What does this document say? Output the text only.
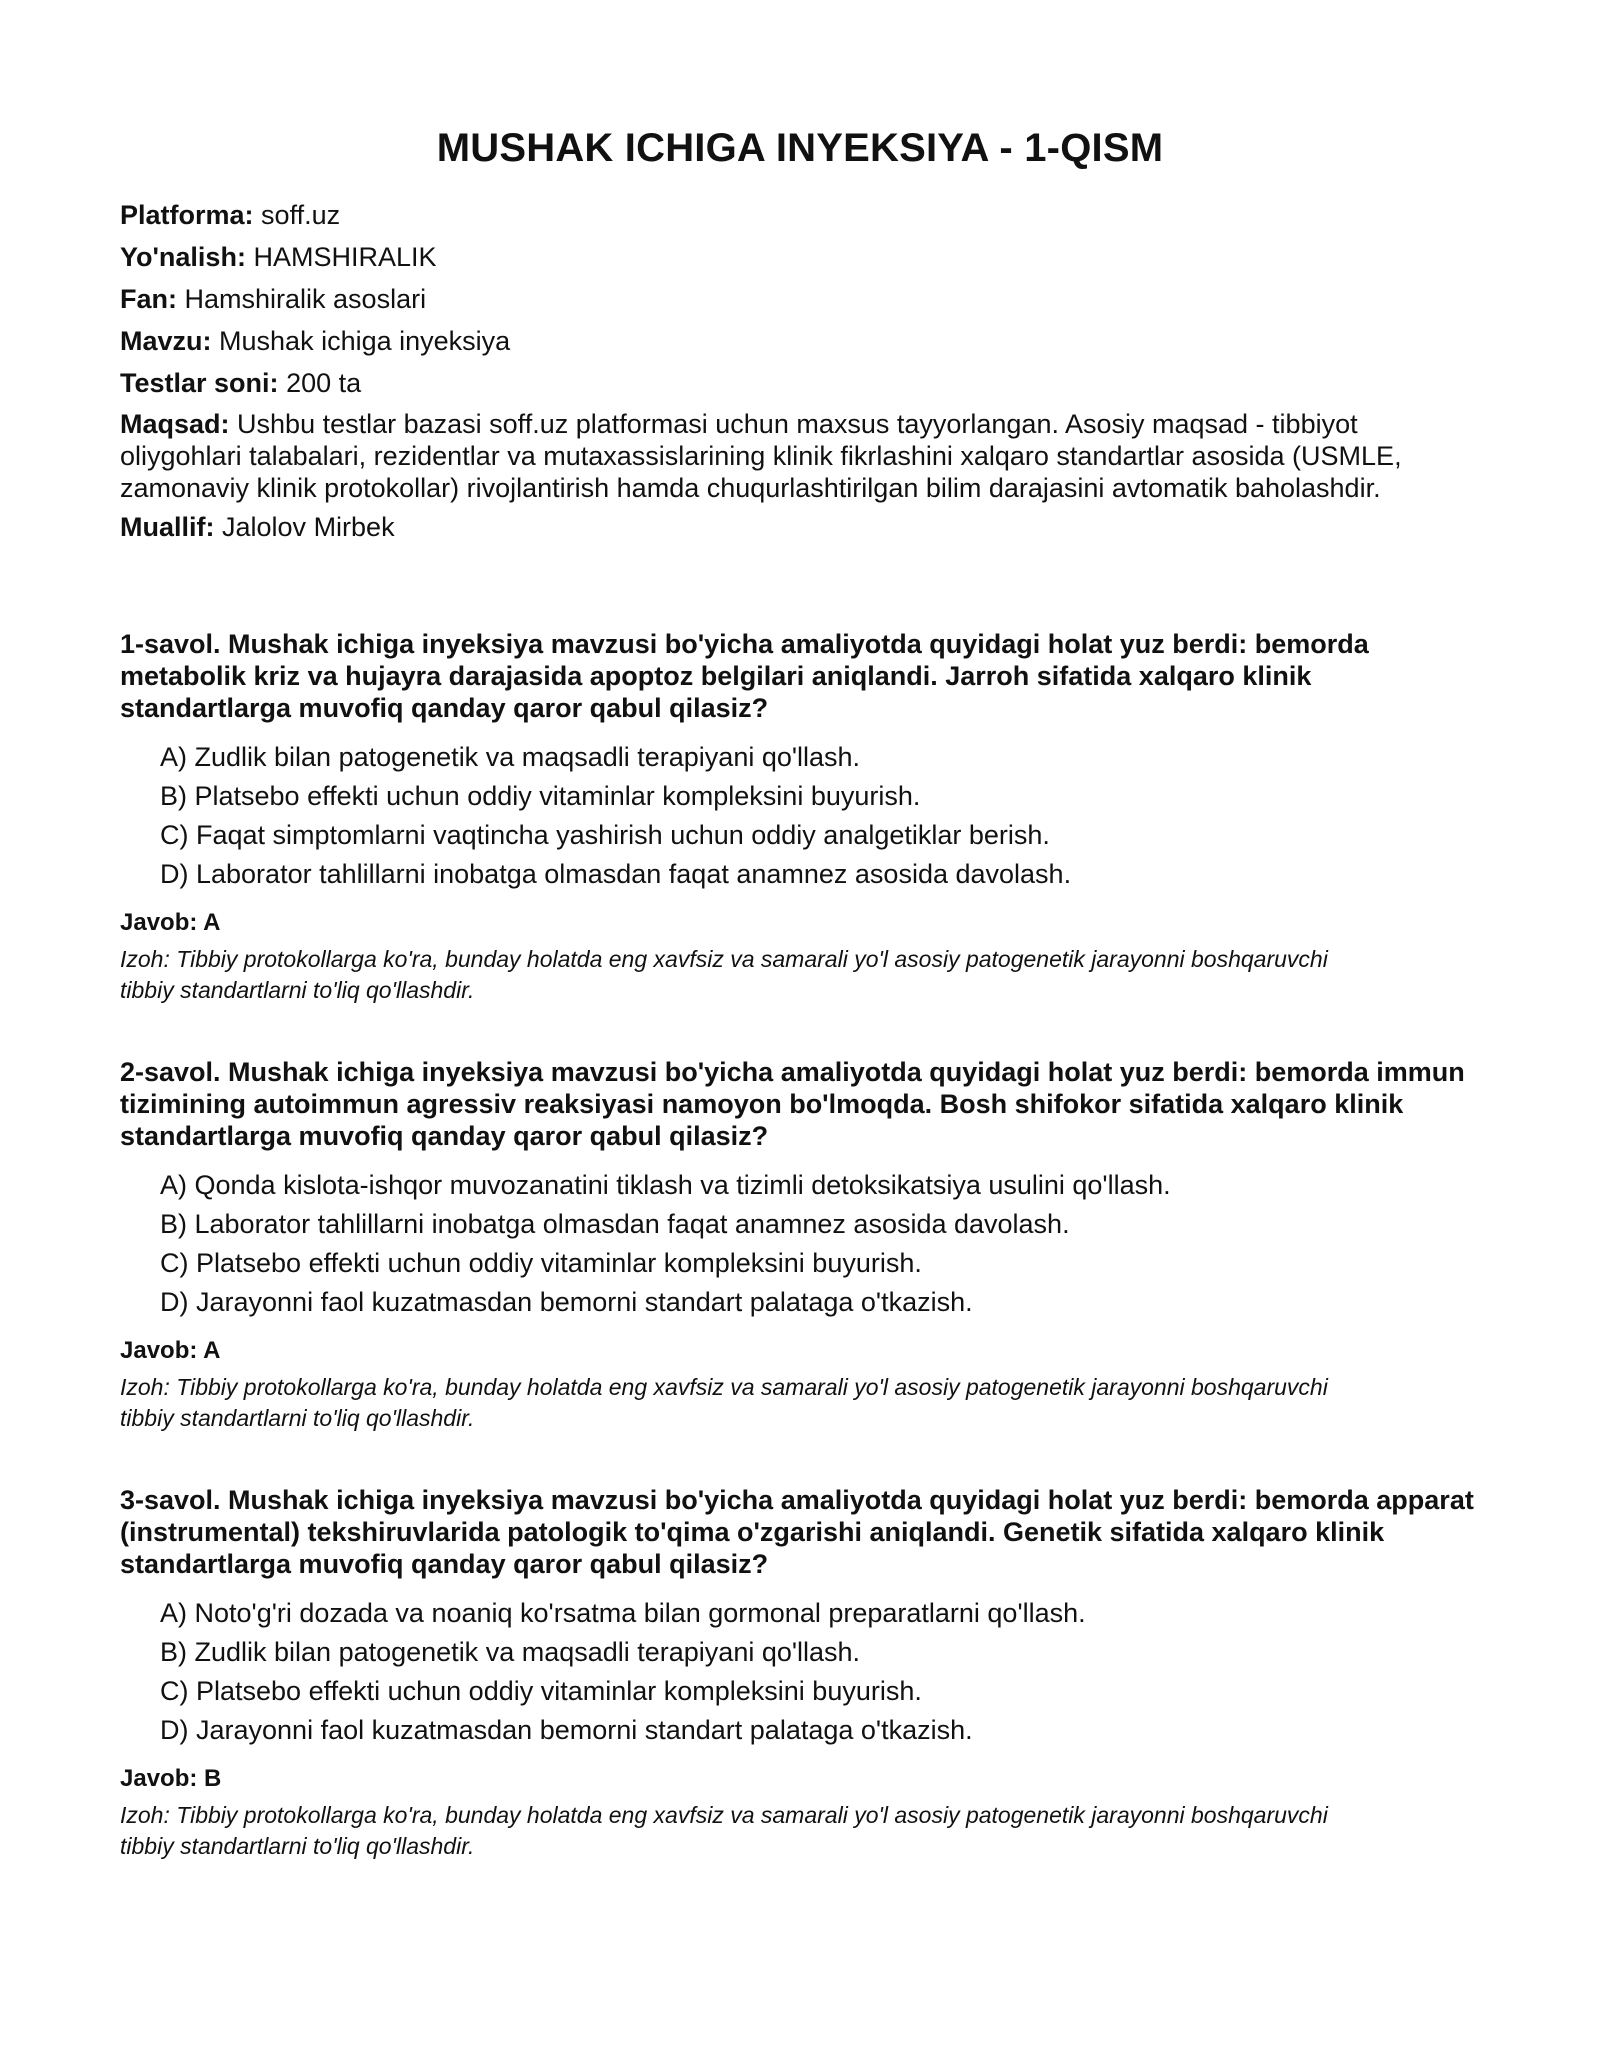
MUSHAK ICHIGA INYEKSIYA - 1-QISM

Platforma: soff.uz

Yo'nalish: HAMSHIRALIK

Fan: Hamshiralik asoslari

Mavzu: Mushak ichiga inyeksiya

Testlar soni: 200 ta

Maqsad: Ushbu testlar bazasi soff.uz platformasi uchun maxsus tayyorlangan. Asosiy maqsad - tibbiyot oliygohlari talabalari, rezidentlar va mutaxassislarining klinik fikrlashini xalqaro standartlar asosida (USMLE, zamonaviy klinik protokollar) rivojlantirish hamda chuqurlashtirilgan bilim darajasini avtomatik baholashdir.

Muallif: Jalolov Mirbek

1-savol. Mushak ichiga inyeksiya mavzusi bo'yicha amaliyotda quyidagi holat yuz berdi: bemorda metabolik kriz va hujayra darajasida apoptoz belgilari aniqlandi. Jarroh sifatida xalqaro klinik standartlarga muvofiq qanday qaror qabul qilasiz?

A) Zudlik bilan patogenetik va maqsadli terapiyani qo'llash.
B) Platsebo effekti uchun oddiy vitaminlar kompleksini buyurish.
C) Faqat simptomlarni vaqtincha yashirish uchun oddiy analgetiklar berish.
D) Laborator tahlillarni inobatga olmasdan faqat anamnez asosida davolash.

Javob: A

Izoh: Tibbiy protokollarga ko'ra, bunday holatda eng xavfsiz va samarali yo'l asosiy patogenetik jarayonni boshqaruvchi tibbiy standartlarni to'liq qo'llashdir.

2-savol. Mushak ichiga inyeksiya mavzusi bo'yicha amaliyotda quyidagi holat yuz berdi: bemorda immun tizimining autoimmun agressiv reaksiyasi namoyon bo'lmoqda. Bosh shifokor sifatida xalqaro klinik standartlarga muvofiq qanday qaror qabul qilasiz?

A) Qonda kislota-ishqor muvozanatini tiklash va tizimli detoksikatsiya usulini qo'llash.
B) Laborator tahlillarni inobatga olmasdan faqat anamnez asosida davolash.
C) Platsebo effekti uchun oddiy vitaminlar kompleksini buyurish.
D) Jarayonni faol kuzatmasdan bemorni standart palataga o'tkazish.

Javob: A

Izoh: Tibbiy protokollarga ko'ra, bunday holatda eng xavfsiz va samarali yo'l asosiy patogenetik jarayonni boshqaruvchi tibbiy standartlarni to'liq qo'llashdir.

3-savol. Mushak ichiga inyeksiya mavzusi bo'yicha amaliyotda quyidagi holat yuz berdi: bemorda apparat (instrumental) tekshiruvlarida patologik to'qima o'zgarishi aniqlandi. Genetik sifatida xalqaro klinik standartlarga muvofiq qanday qaror qabul qilasiz?

A) Noto'g'ri dozada va noaniq ko'rsatma bilan gormonal preparatlarni qo'llash.
B) Zudlik bilan patogenetik va maqsadli terapiyani qo'llash.
C) Platsebo effekti uchun oddiy vitaminlar kompleksini buyurish.
D) Jarayonni faol kuzatmasdan bemorni standart palataga o'tkazish.

Javob: B

Izoh: Tibbiy protokollarga ko'ra, bunday holatda eng xavfsiz va samarali yo'l asosiy patogenetik jarayonni boshqaruvchi tibbiy standartlarni to'liq qo'llashdir.
